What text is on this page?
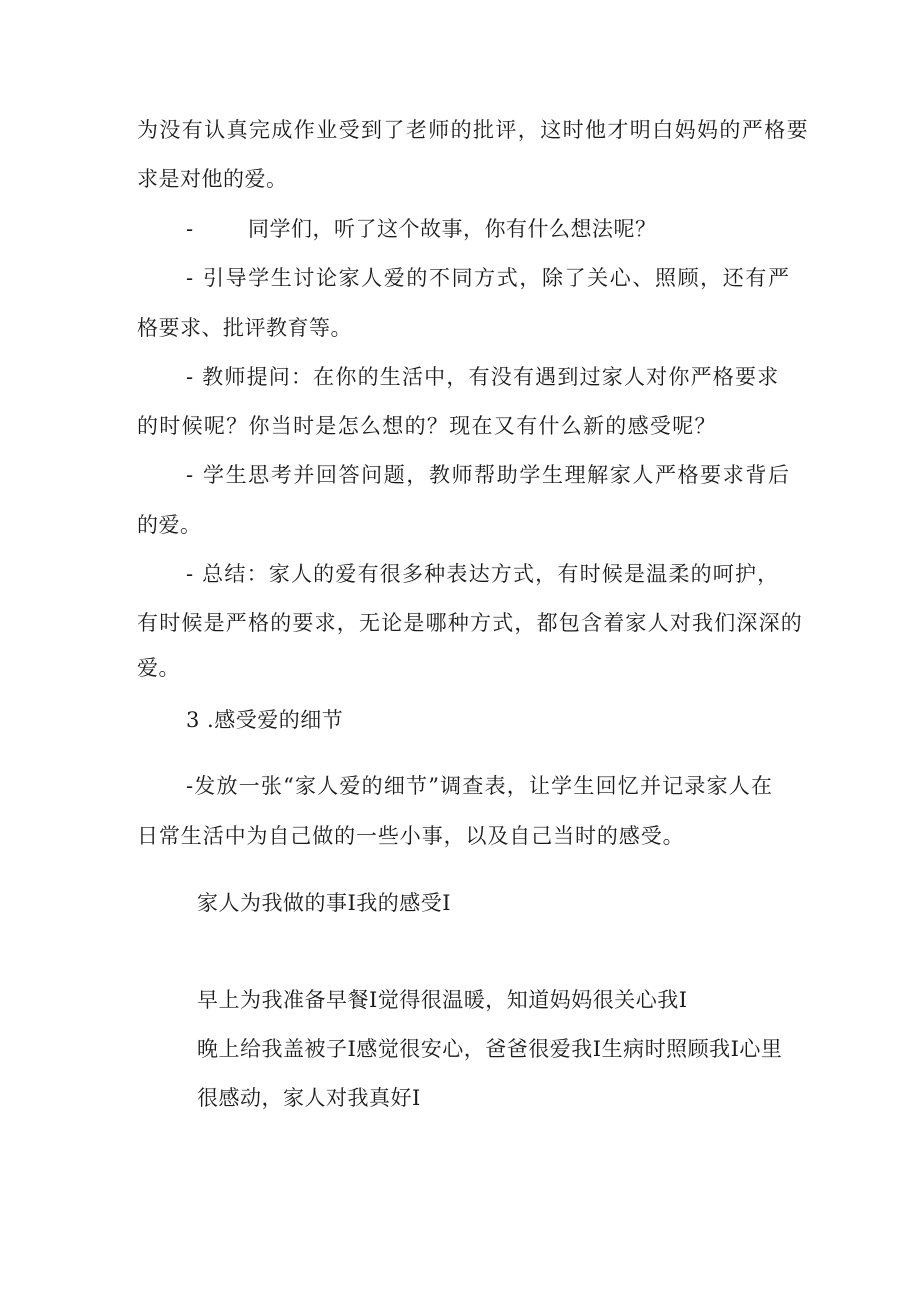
为没有认真完成作业受到了老师的批评，这时他才明白妈妈的严格要
求是对他的爱。
-	同学们，听了这个故事，你有什么想法呢？
- 引导学生讨论家人爱的不同方式，除了关心、照顾，还有严
格要求、批评教育等。
- 教师提问：在你的生活中，有没有遇到过家人对你严格要求
的时候呢？你当时是怎么想的？现在又有什么新的感受呢？
- 学生思考并回答问题，教师帮助学生理解家人严格要求背后
的爱。
- 总结：家人的爱有很多种表达方式，有时候是温柔的呵护，
有时候是严格的要求，无论是哪种方式，都包含着家人对我们深深的
爱。
3 .感受爱的细节
-发放一张“家人爱的细节”调查表，让学生回忆并记录家人在
日常生活中为自己做的一些小事，以及自己当时的感受。
家人为我做的事I我的感受I
早上为我准备早餐I觉得很温暖，知道妈妈很关心我I
晚上给我盖被子I感觉很安心，爸爸很爱我I生病时照顾我I心里
很感动，家人对我真好I
